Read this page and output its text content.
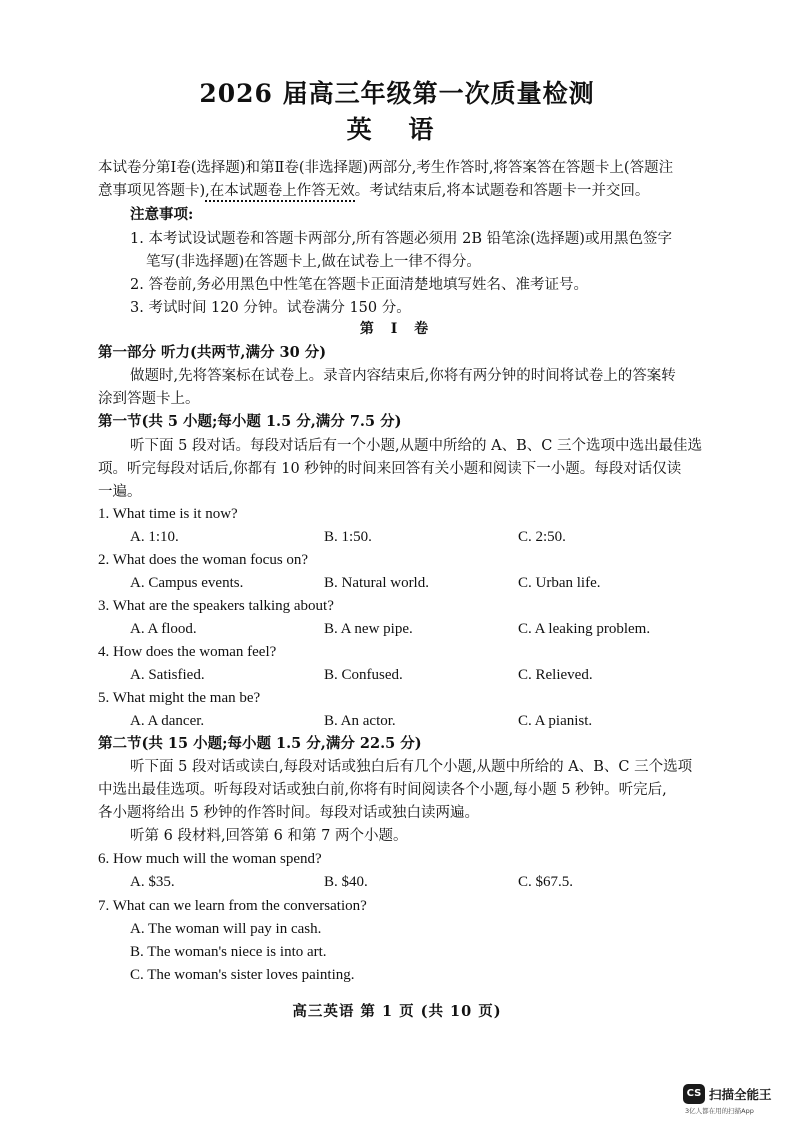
2026 届高三年级第一次质量检测
英 语
本试卷分第Ⅰ卷(选择题)和第Ⅱ卷(非选择题)两部分,考生作答时,将答案答在答题卡上(答题注
意事项见答题卡),在本试题卷上作答无效。考试结束后,将本试题卷和答题卡一并交回。
注意事项:
1. 本考试设试题卷和答题卡两部分,所有答题必须用 2B 铅笔涂(选择题)或用黑色签字
笔写(非选择题)在答题卡上,做在试卷上一律不得分。
2. 答卷前,务必用黑色中性笔在答题卡正面清楚地填写姓名、准考证号。
3. 考试时间 120 分钟。试卷满分 150 分。
第 Ⅰ 卷
第一部分 听力(共两节,满分 30 分)
做题时,先将答案标在试卷上。录音内容结束后,你将有两分钟的时间将试卷上的答案转
涂到答题卡上。
第一节(共 5 小题;每小题 1.5 分,满分 7.5 分)
听下面 5 段对话。每段对话后有一个小题,从题中所给的 A、B、C 三个选项中选出最佳选
项。听完每段对话后,你都有 10 秒钟的时间来回答有关小题和阅读下一小题。每段对话仅读
一遍。
1. What time is it now?
A. 1:10.	B. 1:50.	C. 2:50.
2. What does the woman focus on?
A. Campus events.	B. Natural world.	C. Urban life.
3. What are the speakers talking about?
A. A flood.	B. A new pipe.	C. A leaking problem.
4. How does the woman feel?
A. Satisfied.	B. Confused.	C. Relieved.
5. What might the man be?
A. A dancer.	B. An actor.	C. A pianist.
第二节(共 15 小题;每小题 1.5 分,满分 22.5 分)
听下面 5 段对话或读白,每段对话或独白后有几个小题,从题中所给的 A、B、C 三个选项
中选出最佳选项。听每段对话或独白前,你将有时间阅读各个小题,每小题 5 秒钟。听完后,
各小题将给出 5 秒钟的作答时间。每段对话或独白读两遍。
听第 6 段材料,回答第 6 和第 7 两个小题。
6. How much will the woman spend?
A. $35.	B. $40.	C. $67.5.
7. What can we learn from the conversation?
A. The woman will pay in cash.
B. The woman's niece is into art.
C. The woman's sister loves painting.
高三英语 第 1 页 (共 10 页)
CS 扫描全能王
3亿人都在用的扫描App
